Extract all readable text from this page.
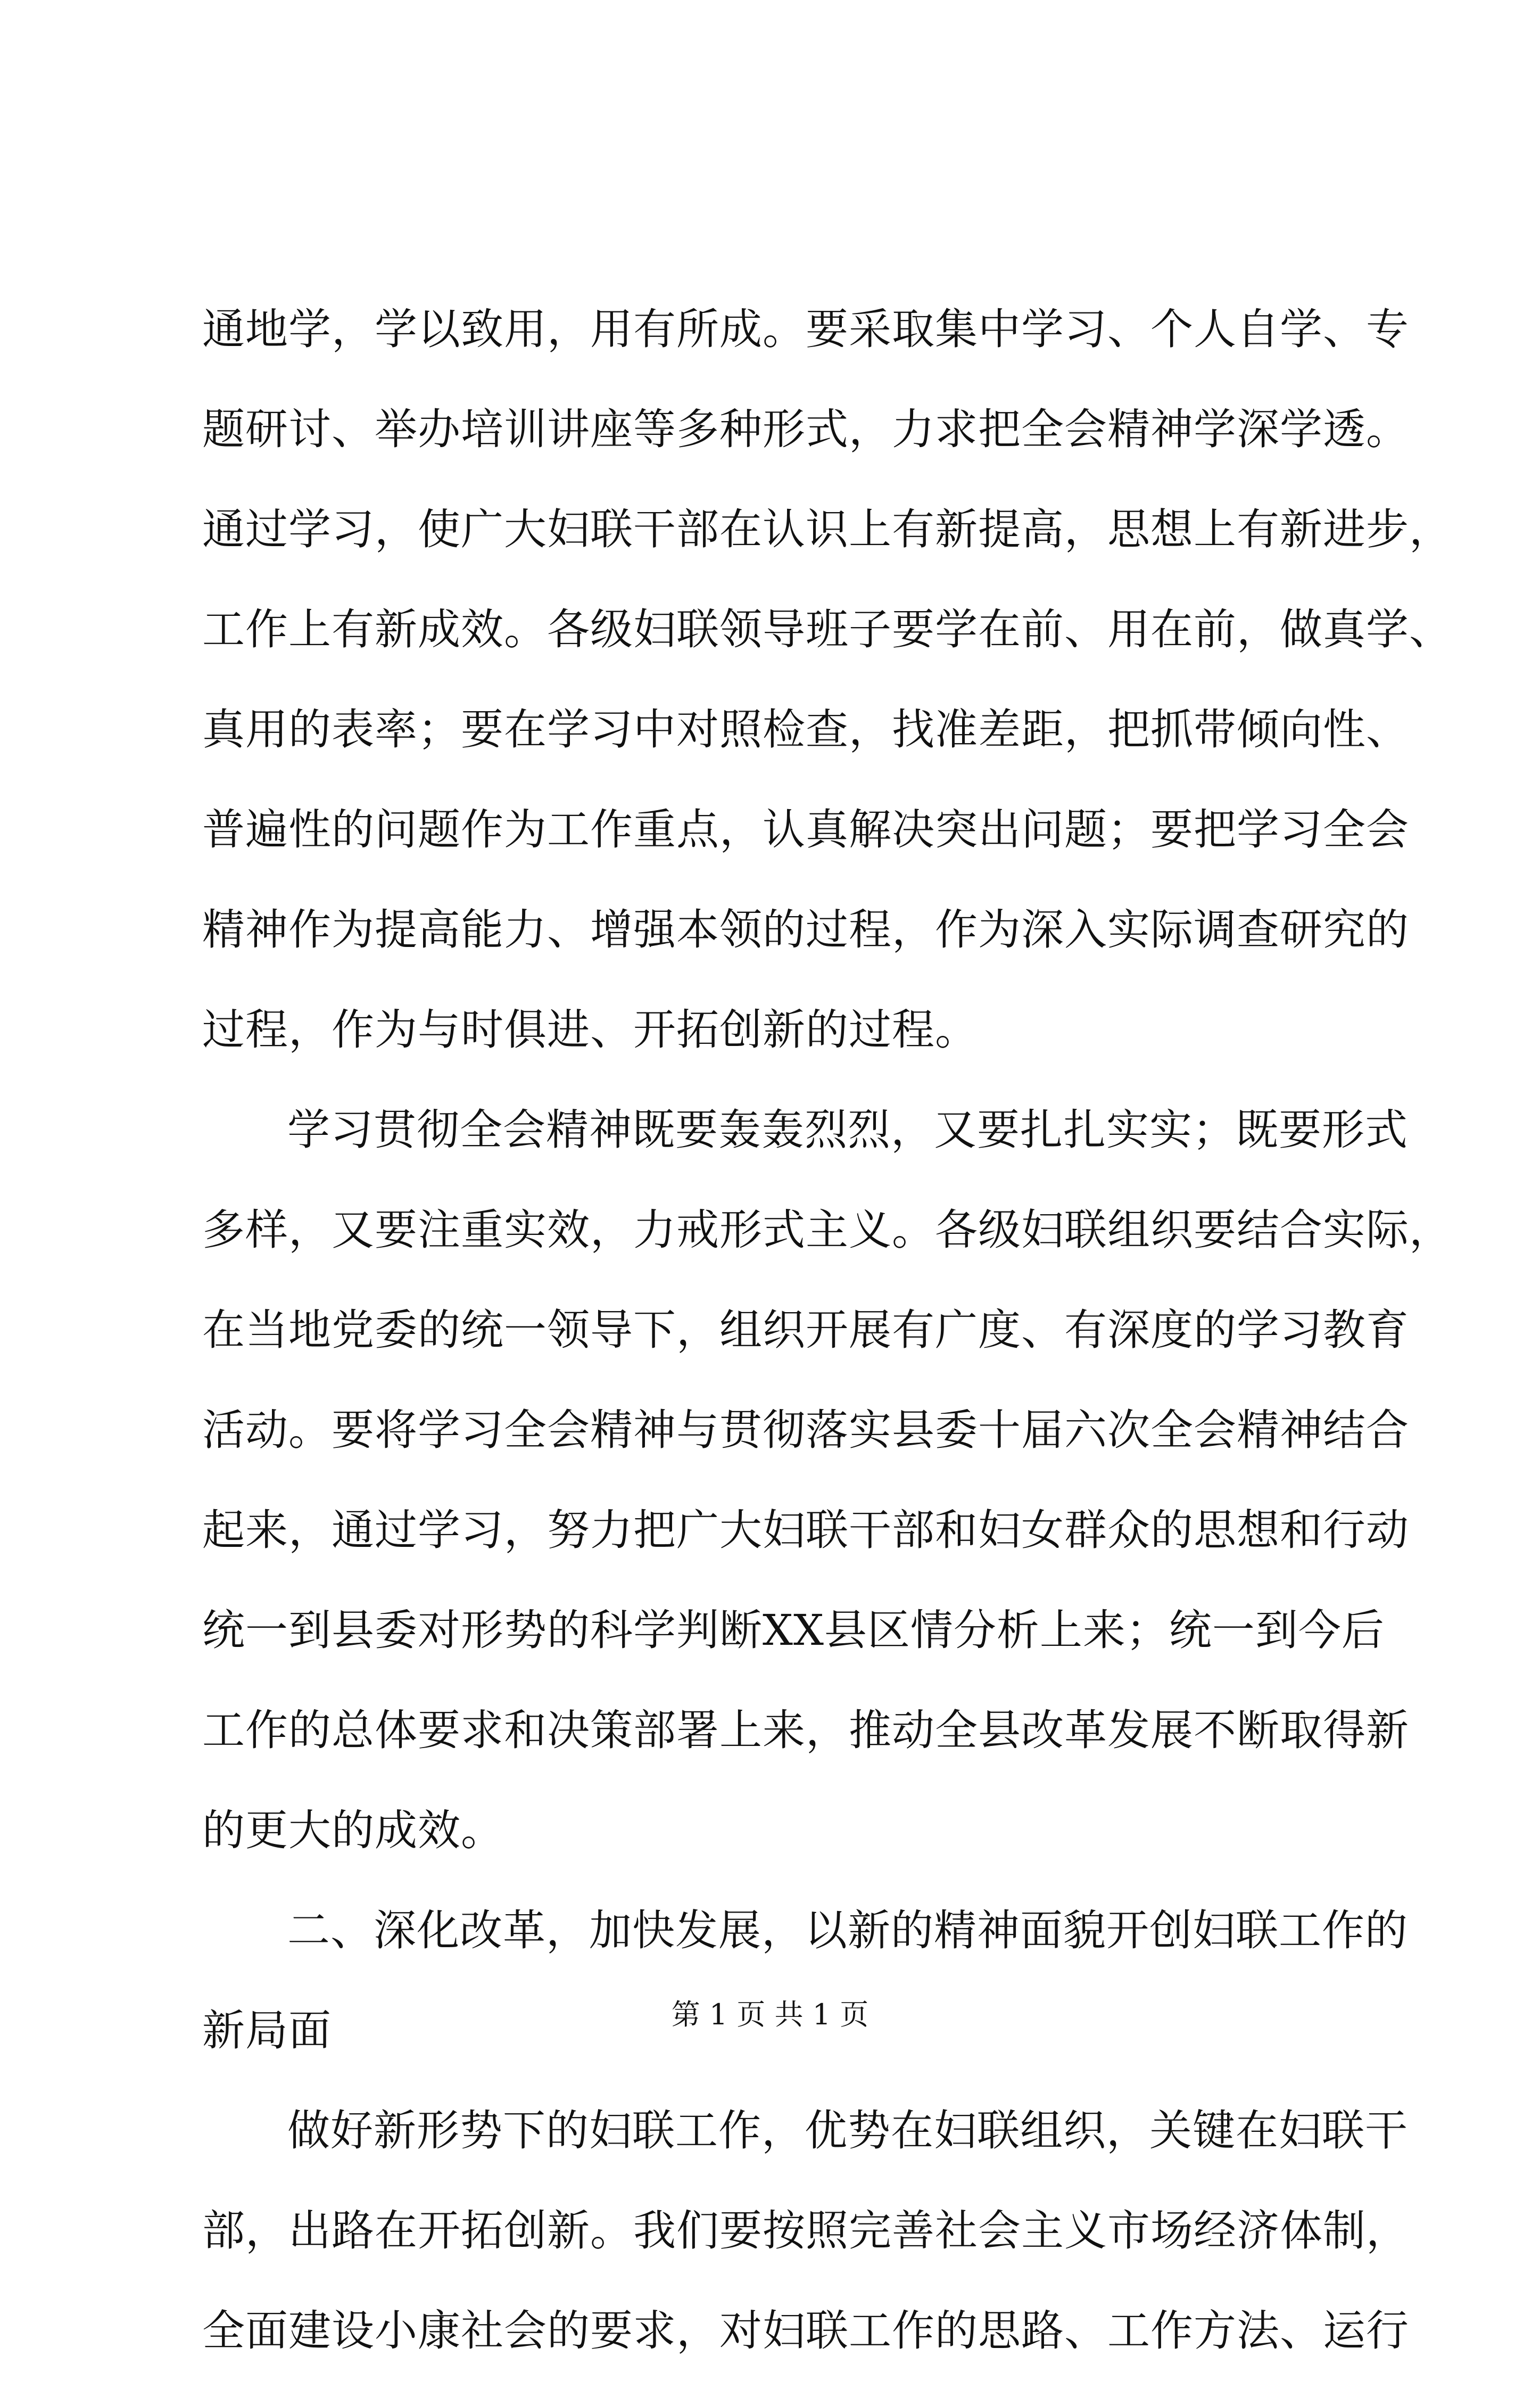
通地学，学以致用，用有所成。要采取集中学习、个人自学、专
题研讨、举办培训讲座等多种形式，力求把全会精神学深学透。
通过学习，使广大妇联干部在认识上有新提高，思想上有新进步，
工作上有新成效。各级妇联领导班子要学在前、用在前，做真学、
真用的表率；要在学习中对照检查，找准差距，把抓带倾向性、
普遍性的问题作为工作重点，认真解决突出问题；要把学习全会
精神作为提高能力、增强本领的过程，作为深入实际调查研究的
过程，作为与时俱进、开拓创新的过程。
学习贯彻全会精神既要轰轰烈烈，又要扎扎实实；既要形式
多样，又要注重实效，力戒形式主义。各级妇联组织要结合实际，
在当地党委的统一领导下，组织开展有广度、有深度的学习教育
活动。要将学习全会精神与贯彻落实县委十届六次全会精神结合
起来，通过学习，努力把广大妇联干部和妇女群众的思想和行动
统一到县委对形势的科学判断XX县区情分析上来；统一到今后
工作的总体要求和决策部署上来，推动全县改革发展不断取得新
的更大的成效。
二、深化改革，加快发展，以新的精神面貌开创妇联工作的
新局面
做好新形势下的妇联工作，优势在妇联组织，关键在妇联干
部，出路在开拓创新。我们要按照完善社会主义市场经济体制，
全面建设小康社会的要求，对妇联工作的思路、工作方法、运行
第 1 页 共 1 页
